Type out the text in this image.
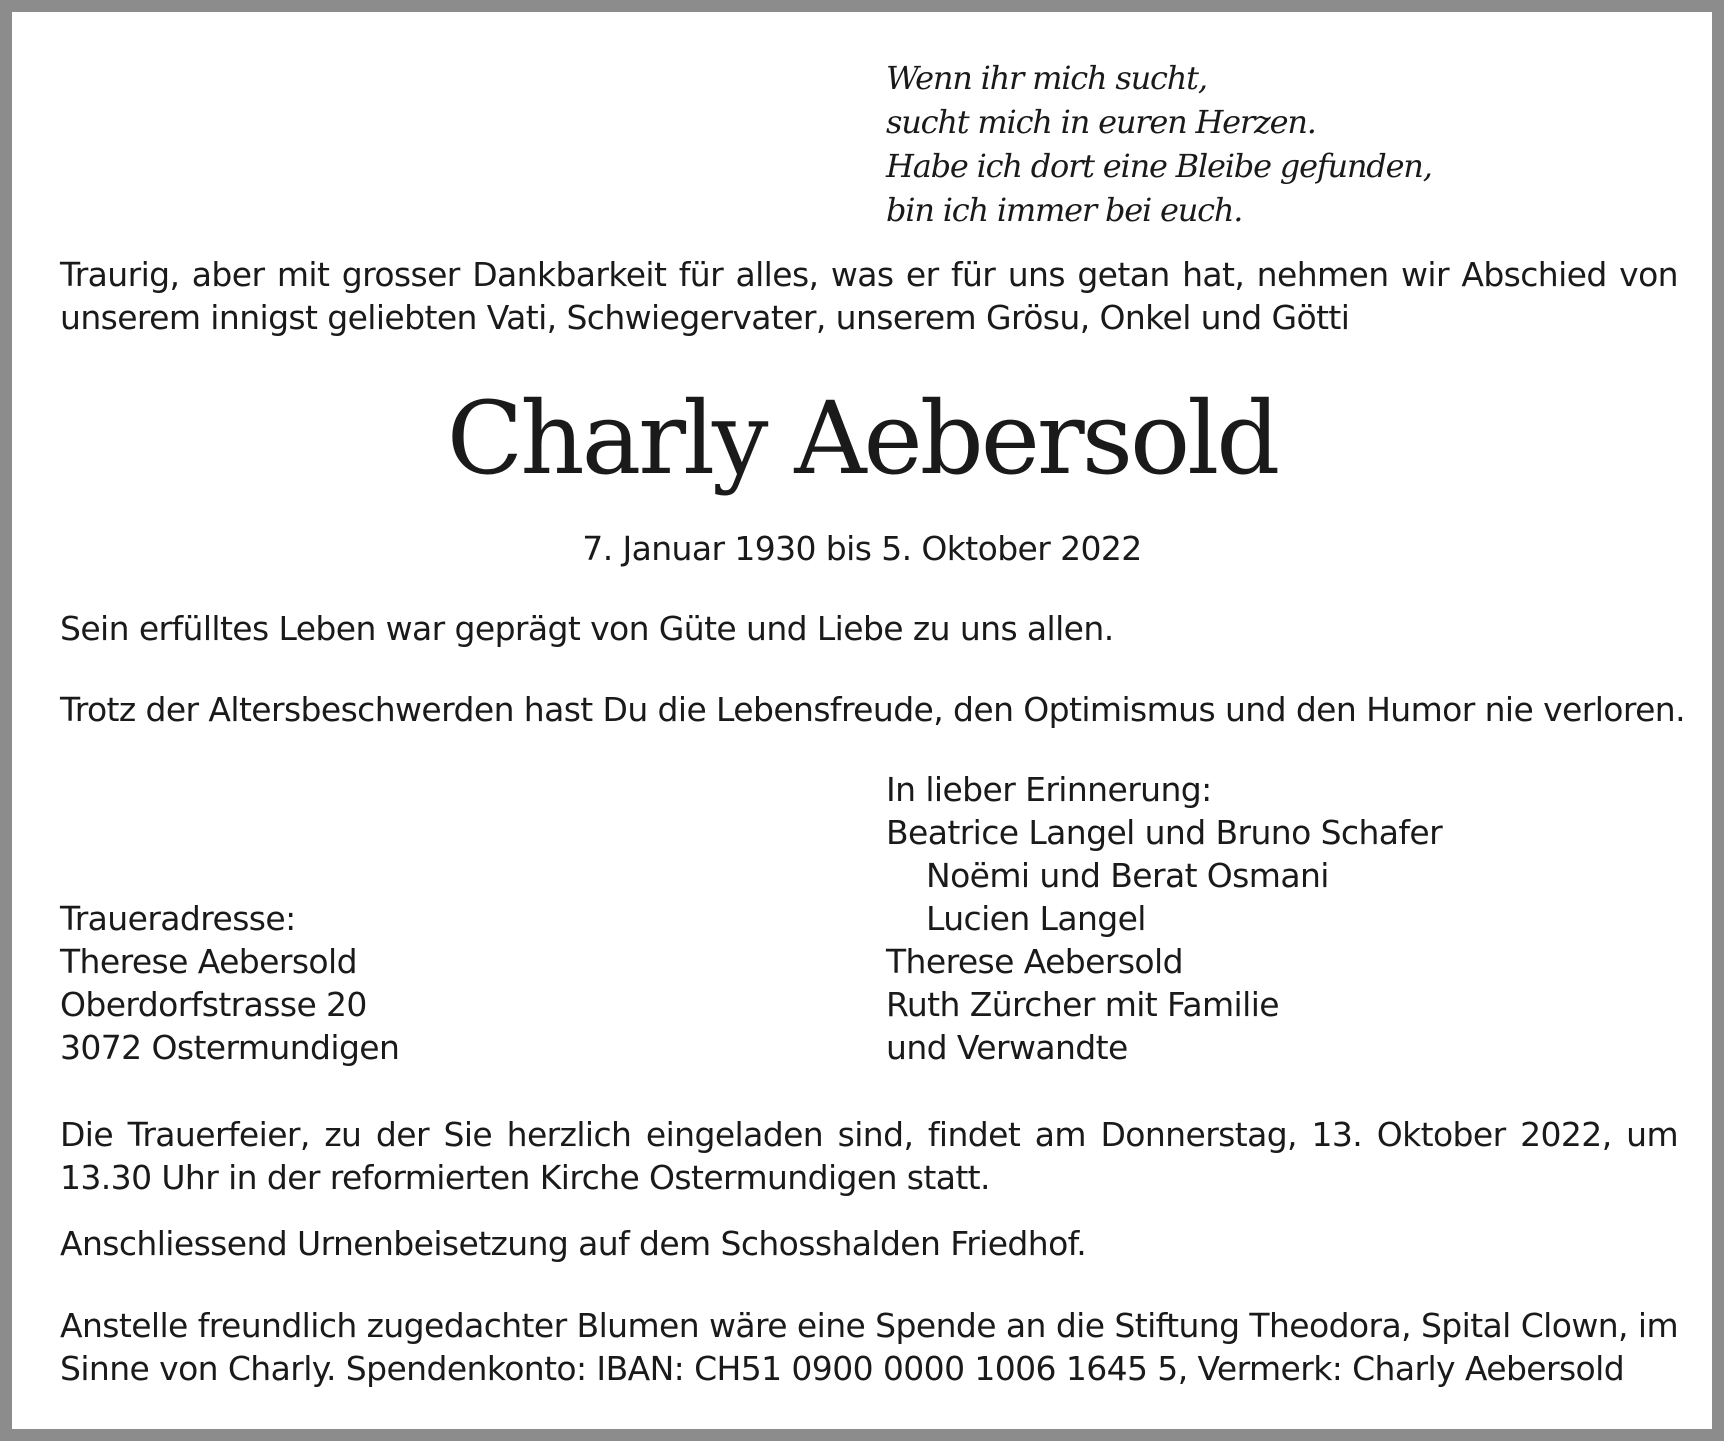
Wenn ihr mich sucht,
sucht mich in euren Herzen.
Habe ich dort eine Bleibe gefunden,
bin ich immer bei euch.
Traurig, aber mit grosser Dankbarkeit für alles, was er für uns getan hat, nehmen wir Abschied von unserem innigst geliebten Vati, Schwiegervater, unserem Grösu, Onkel und Götti
Charly Aebersold
7. Januar 1930 bis 5. Oktober 2022
Sein erfülltes Leben war geprägt von Güte und Liebe zu uns allen.
Trotz der Altersbeschwerden hast Du die Lebensfreude, den Optimismus und den Humor nie verloren.
In lieber Erinnerung:
Beatrice Langel und Bruno Schafer
Noëmi und Berat Osmani
Lucien Langel
Therese Aebersold
Ruth Zürcher mit Familie
und Verwandte
Traueradresse:
Therese Aebersold
Oberdorfstrasse 20
3072 Ostermundigen
Die Trauerfeier, zu der Sie herzlich eingeladen sind, findet am Donnerstag, 13. Oktober 2022, um 13.30 Uhr in der reformierten Kirche Ostermundigen statt.
Anschliessend Urnenbeisetzung auf dem Schosshalden Friedhof.
Anstelle freundlich zugedachter Blumen wäre eine Spende an die Stiftung Theodora, Spital Clown, im Sinne von Charly. Spendenkonto: IBAN: CH51 0900 0000 1006 1645 5, Vermerk: Charly Aebersold
